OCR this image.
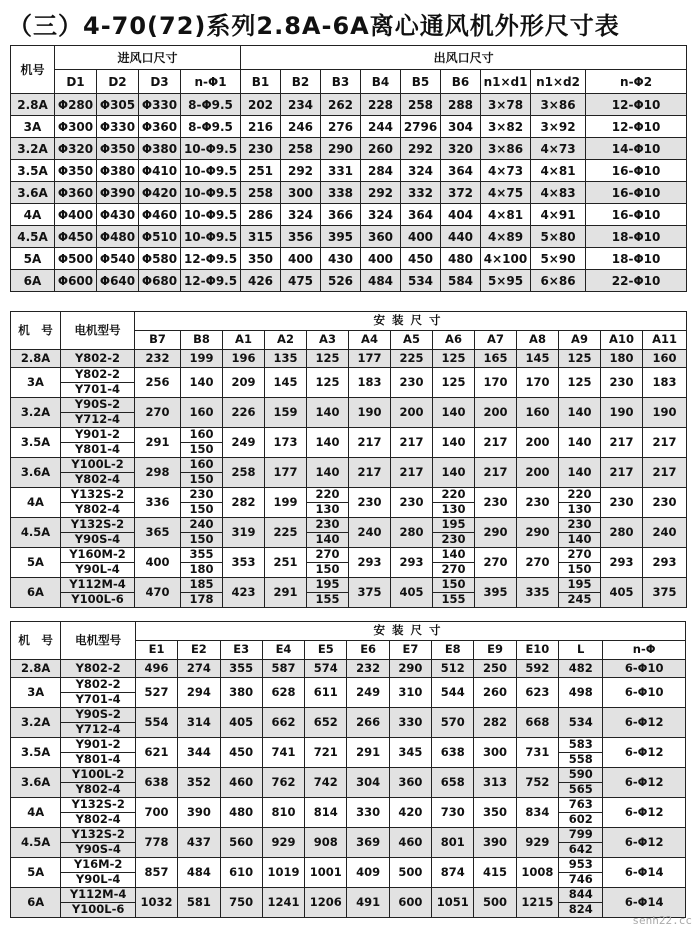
（三）4-70(72)系列2.8A-6A离心通风机外形尺寸表
机号	进风口尺寸				出风口尺寸								
	D1	D2	D3	n-Φ1	B1	B2	B3	B4	B5	B6	n1×d1	n1×d2	n-Φ2
2.8A	Φ280	Φ305	Φ330	8-Φ9.5	202	234	262	228	258	288	3×78	3×86	12-Φ10
3A	Φ300	Φ330	Φ360	8-Φ9.5	216	246	276	244	2796	304	3×82	3×92	12-Φ10
3.2A	Φ320	Φ350	Φ380	10-Φ9.5	230	258	290	260	292	320	3×86	4×73	14-Φ10
3.5A	Φ350	Φ380	Φ410	10-Φ9.5	251	292	331	284	324	364	4×73	4×81	16-Φ10
3.6A	Φ360	Φ390	Φ420	10-Φ9.5	258	300	338	292	332	372	4×75	4×83	16-Φ10
4A	Φ400	Φ430	Φ460	10-Φ9.5	286	324	366	324	364	404	4×81	4×91	16-Φ10
4.5A	Φ450	Φ480	Φ510	10-Φ9.5	315	356	395	360	400	440	4×89	5×80	18-Φ10
5A	Φ500	Φ540	Φ580	12-Φ9.5	350	400	430	400	450	480	4×100	5×90	18-Φ10
6A	Φ600	Φ640	Φ680	12-Φ9.5	426	475	526	484	534	584	5×95	6×86	22-Φ10
机　号	电机型号	安装尺寸												
		B7	B8	A1	A2	A3	A4	A5	A6	A7	A8	A9	A10	A11
2.8A	Y802-2	232	199	196	135	125	177	225	125	165	145	125	180	160
3A	Y802-2	256	140	209	145	125	183	230	125	170	170	125	230	183
	Y701-4													
3.2A	Y90S-2	270	160	226	159	140	190	200	140	200	160	140	190	190
	Y712-4													
3.5A	Y901-2	291	160	249	173	140	217	217	140	217	200	140	217	217
	Y801-4		150											
3.6A	Y100L-2	298	160	258	177	140	217	217	140	217	200	140	217	217
	Y802-4		150											
4A	Y132S-2	336	230	282	199	220	230	230	220	230	230	220	230	230
	Y802-4		150			130			130			130		
4.5A	Y132S-2	365	240	319	225	230	240	280	195	290	290	230	280	240
	Y90S-4		150			140			230			140		
5A	Y160M-2	400	355	353	251	270	293	293	140	270	270	270	293	293
	Y90L-4		180			150			270			150		
6A	Y112M-4	470	185	423	291	195	375	405	150	395	335	195	405	375
	Y100L-6		178			155			155			245		
机　号	电机型号	安装尺寸											
		E1	E2	E3	E4	E5	E6	E7	E8	E9	E10	L	n-Φ
2.8A	Y802-2	496	274	355	587	574	232	290	512	250	592	482	6-Φ10
3A	Y802-2	527	294	380	628	611	249	310	544	260	623	498	6-Φ10
	Y701-4												
3.2A	Y90S-2	554	314	405	662	652	266	330	570	282	668	534	6-Φ12
	Y712-4												
3.5A	Y901-2	621	344	450	741	721	291	345	638	300	731	583	6-Φ12
	Y801-4											558	
3.6A	Y100L-2	638	352	460	762	742	304	360	658	313	752	590	6-Φ12
	Y802-4											565	
4A	Y132S-2	700	390	480	810	814	330	420	730	350	834	763	6-Φ12
	Y802-4											602	
4.5A	Y132S-2	778	437	560	929	908	369	460	801	390	929	799	6-Φ12
	Y90S-4											642	
5A	Y16M-2	857	484	610	1019	1001	409	500	874	415	1008	953	6-Φ14
	Y90L-4											746	
6A	Y112M-4	1032	581	750	1241	1206	491	600	1051	500	1215	844	6-Φ14
	Y100L-6											824	
senh22.cc
